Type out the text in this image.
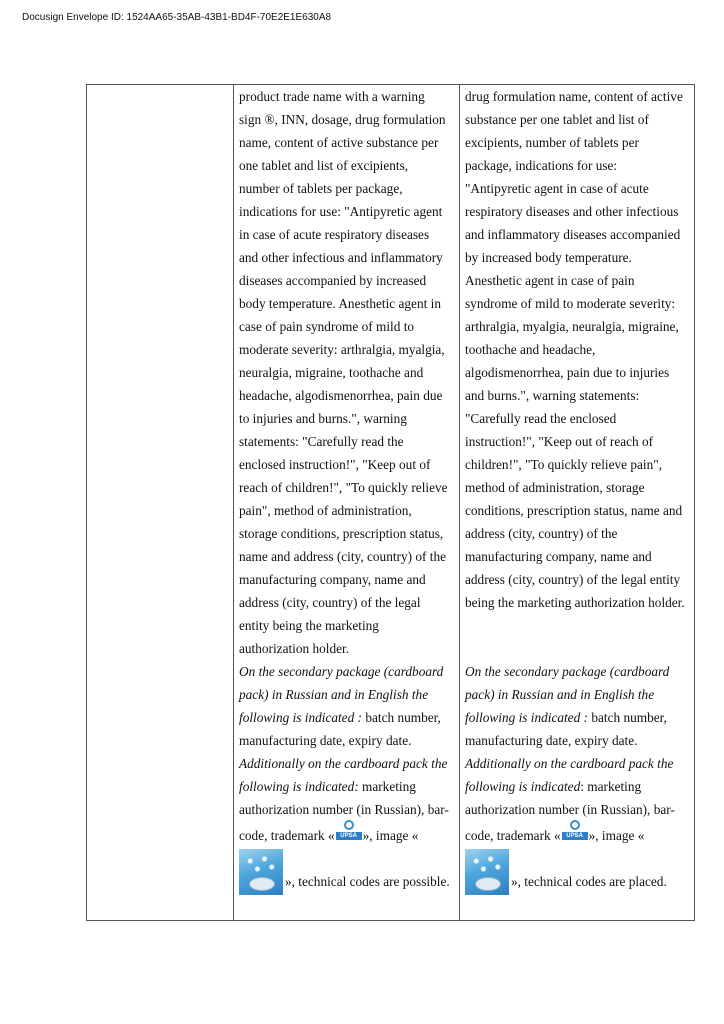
Docusign Envelope ID: 1524AA65-35AB-43B1-BD4F-70E2E1E630A8
product trade name with a warning
sign ®, INN, dosage, drug formulation
name, content of active substance per
one tablet and list of excipients,
number of tablets per package,
indications for use: "Antipyretic agent
in case of acute respiratory diseases
and other infectious and inflammatory
diseases accompanied by increased
body temperature. Anesthetic agent in
case of pain syndrome of mild to
moderate severity: arthralgia, myalgia,
neuralgia, migraine, toothache and
headache, algodismenorrhea, pain due
to injuries and burns.", warning
statements: "Carefully read the
enclosed instruction!", "Keep out of
reach of children!", "To quickly relieve
pain", method of administration,
storage conditions, prescription status,
name and address (city, country) of the
manufacturing company, name and
address (city, country) of the legal
entity being the marketing
authorization holder.
On the secondary package (cardboard
pack) in Russian and in English the
following is indicated : batch number,
manufacturing date, expiry date.
Additionally on the cardboard pack the
following is indicated: marketing
authorization number (in Russian), bar-
code, trademark « UPSA », image «
», technical codes are possible.
drug formulation name, content of active
substance per one tablet and list of
excipients, number of tablets per
package, indications for use:
"Antipyretic agent in case of acute
respiratory diseases and other infectious
and inflammatory diseases accompanied
by increased body temperature.
Anesthetic agent in case of pain
syndrome of mild to moderate severity:
arthralgia, myalgia, neuralgia, migraine,
toothache and headache,
algodismenorrhea, pain due to injuries
and burns.", warning statements:
"Carefully read the enclosed
instruction!", "Keep out of reach of
children!", "To quickly relieve pain",
method of administration, storage
conditions, prescription status, name and
address (city, country) of the
manufacturing company, name and
address (city, country) of the legal entity
being the marketing authorization holder.
On the secondary package (cardboard
pack) in Russian and in English the
following is indicated : batch number,
manufacturing date, expiry date.
Additionally on the cardboard pack the
following is indicated: marketing
authorization number (in Russian), bar-
code, trademark « UPSA », image «
», technical codes are placed.
